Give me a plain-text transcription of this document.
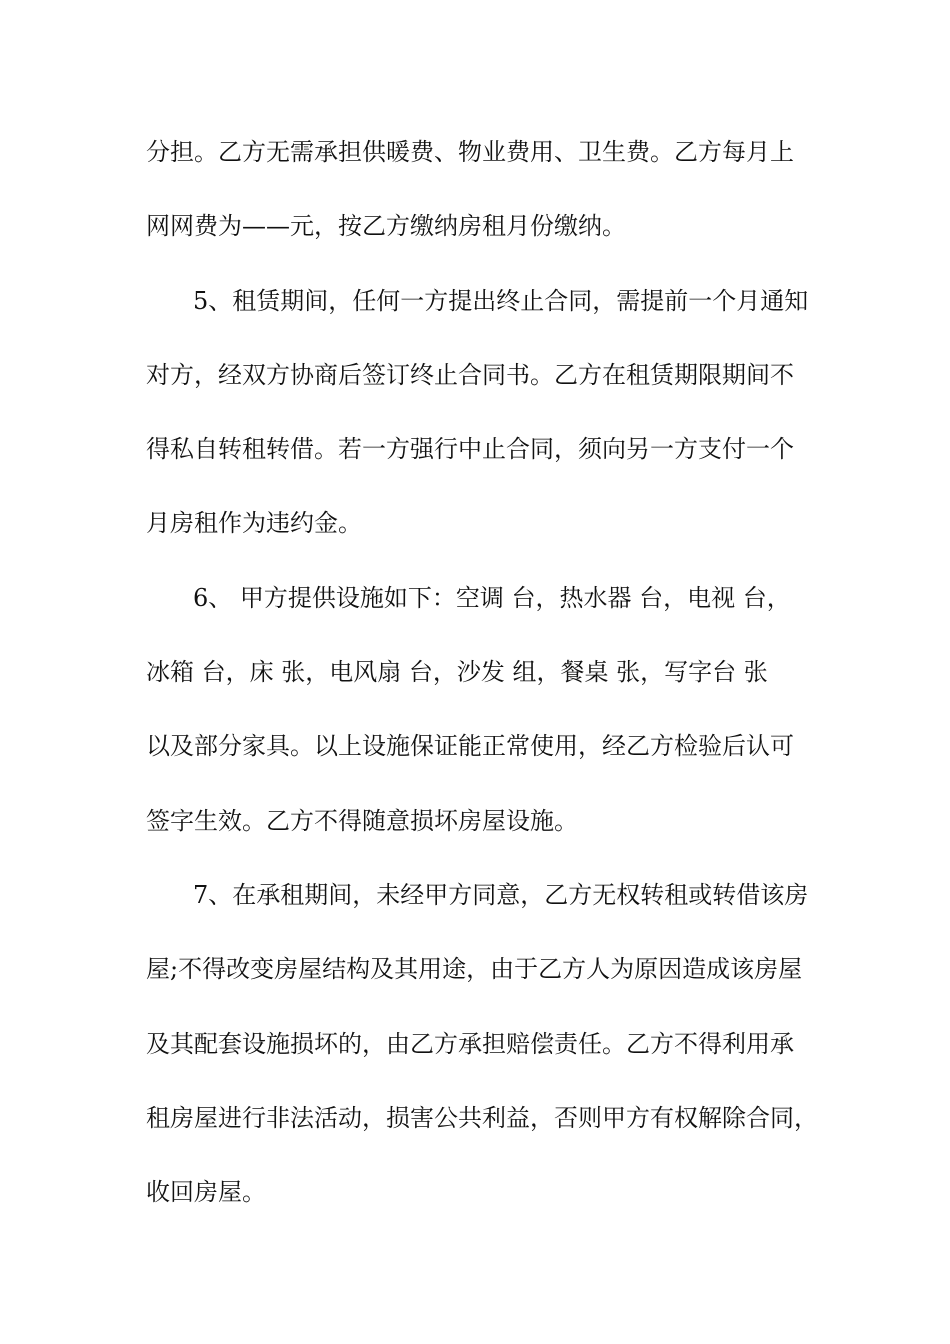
分担。乙方无需承担供暖费、物业费用、卫生费。乙方每月上
网网费为——元，按乙方缴纳房租月份缴纳。
5、租赁期间，任何一方提出终止合同，需提前一个月通知
对方，经双方协商后签订终止合同书。乙方在租赁期限期间不
得私自转租转借。若一方强行中止合同，须向另一方支付一个
月房租作为违约金。
6、 甲方提供设施如下：空调 台，热水器 台，电视 台，
冰箱 台，床 张，电风扇 台，沙发 组，餐桌 张，写字台 张
以及部分家具。以上设施保证能正常使用，经乙方检验后认可
签字生效。乙方不得随意损坏房屋设施。
7、在承租期间，未经甲方同意，乙方无权转租或转借该房
屋;不得改变房屋结构及其用途，由于乙方人为原因造成该房屋
及其配套设施损坏的，由乙方承担赔偿责任。乙方不得利用承
租房屋进行非法活动，损害公共利益，否则甲方有权解除合同，
收回房屋。
